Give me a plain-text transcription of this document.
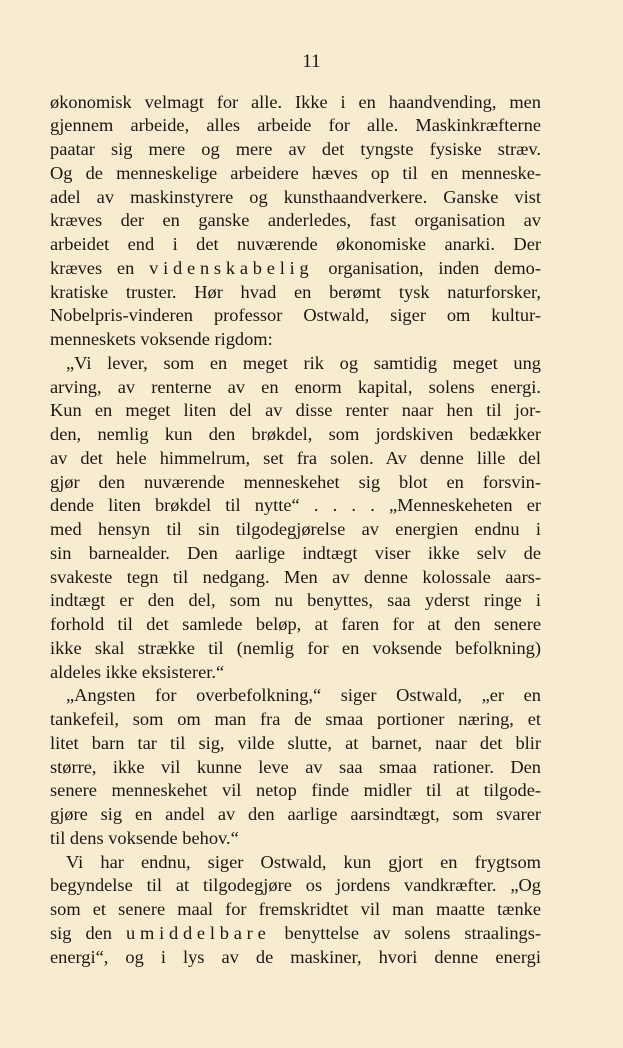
11
økonomisk velmagt for alle. Ikke i en haandvending, men
gjennem arbeide, alles arbeide for alle. Maskinkræfterne
paatar sig mere og mere av det tyngste fysiske stræv.
Og de menneskelige arbeidere hæves op til en menneske-
adel av maskinstyrere og kunsthaandverkere. Ganske vist
kræves der en ganske anderledes, fast organisation av
arbeidet end i det nuværende økonomiske anarki. Der
kræves en videnskabelig organisation, inden demo-
kratiske truster. Hør hvad en berømt tysk naturforsker,
Nobelpris-vinderen professor Ostwald, siger om kultur-
menneskets voksende rigdom:
„Vi lever, som en meget rik og samtidig meget ung
arving, av renterne av en enorm kapital, solens energi.
Kun en meget liten del av disse renter naar hen til jor-
den, nemlig kun den brøkdel, som jordskiven bedækker
av det hele himmelrum, set fra solen. Av denne lille del
gjør den nuværende menneskehet sig blot en forsvin-
dende liten brøkdel til nytte“ . . . . „Menneskeheten er
med hensyn til sin tilgodegjørelse av energien endnu i
sin barnealder. Den aarlige indtægt viser ikke selv de
svakeste tegn til nedgang. Men av denne kolossale aars-
indtægt er den del, som nu benyttes, saa yderst ringe i
forhold til det samlede beløp, at faren for at den senere
ikke skal strække til (nemlig for en voksende befolkning)
aldeles ikke eksisterer.“
„Angsten for overbefolkning,“ siger Ostwald, „er en
tankefeil, som om man fra de smaa portioner næring, et
litet barn tar til sig, vilde slutte, at barnet, naar det blir
større, ikke vil kunne leve av saa smaa rationer. Den
senere menneskehet vil netop finde midler til at tilgode-
gjøre sig en andel av den aarlige aarsindtægt, som svarer
til dens voksende behov.“
Vi har endnu, siger Ostwald, kun gjort en frygtsom
begyndelse til at tilgodegjøre os jordens vandkræfter. „Og
som et senere maal for fremskridtet vil man maatte tænke
sig den umiddelbare benyttelse av solens straalings-
energi“, og i lys av de maskiner, hvori denne energi
